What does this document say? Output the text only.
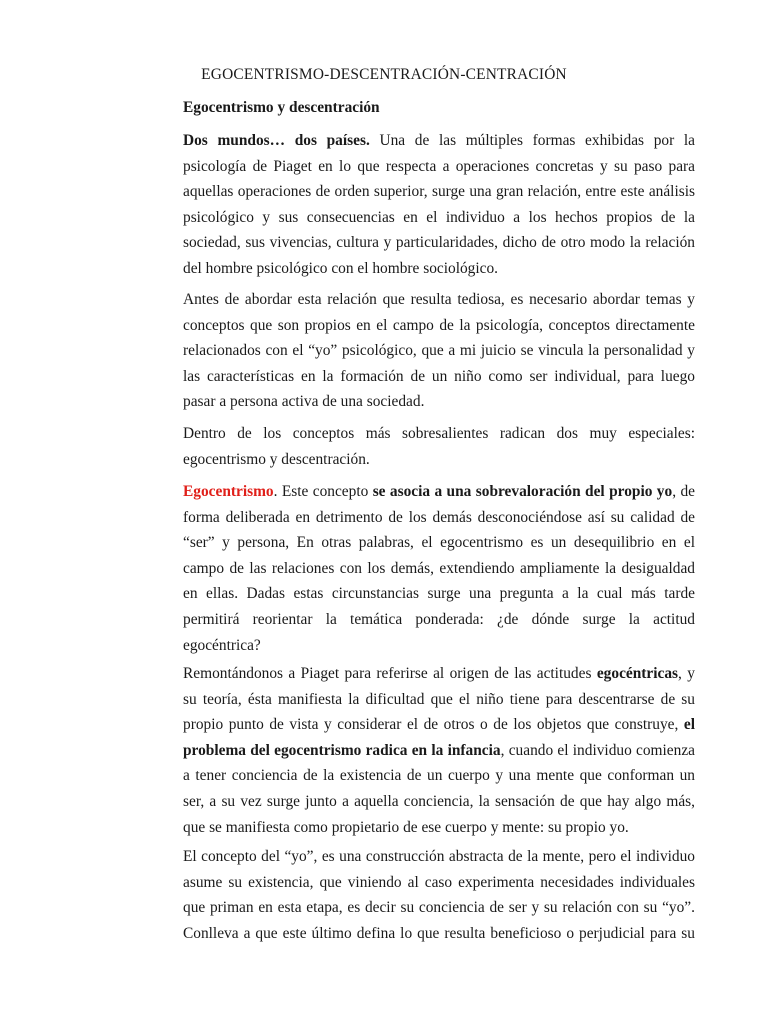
EGOCENTRISMO-DESCENTRACIÓN-CENTRACIÓN
Egocentrismo y descentración
Dos mundos… dos países. Una de las múltiples formas exhibidas por la
psicología de Piaget en lo que respecta a operaciones concretas y su paso para
aquellas operaciones de orden superior, surge una gran relación, entre este análisis
psicológico y sus consecuencias en el individuo a los hechos propios de la
sociedad, sus vivencias, cultura y particularidades, dicho de otro modo la relación
del hombre psicológico con el hombre sociológico.
Antes de abordar esta relación que resulta tediosa, es necesario abordar temas y
conceptos que son propios en el campo de la psicología, conceptos directamente
relacionados con el “yo” psicológico, que a mi juicio se vincula la personalidad y
las características en la formación de un niño como ser individual, para luego
pasar a persona activa de una sociedad.
Dentro de los conceptos más sobresalientes radican dos muy especiales:
egocentrismo y descentración.
Egocentrismo. Este concepto se asocia a una sobrevaloración del propio yo, de
forma deliberada en detrimento de los demás desconociéndose así su calidad de
“ser” y persona, En otras palabras, el egocentrismo es un desequilibrio en el
campo de las relaciones con los demás, extendiendo ampliamente la desigualdad
en ellas. Dadas estas circunstancias surge una pregunta a la cual más tarde
permitirá reorientar la temática ponderada: ¿de dónde surge la actitud
egocéntrica?
Remontándonos a Piaget para referirse al origen de las actitudes egocéntricas, y
su teoría, ésta manifiesta la dificultad que el niño tiene para descentrarse de su
propio punto de vista y considerar el de otros o de los objetos que construye, el
problema del egocentrismo radica en la infancia, cuando el individuo comienza
a tener conciencia de la existencia de un cuerpo y una mente que conforman un
ser, a su vez surge junto a aquella conciencia, la sensación de que hay algo más,
que se manifiesta como propietario de ese cuerpo y mente: su propio yo.
El concepto del “yo”, es una construcción abstracta de la mente, pero el individuo
asume su existencia, que viniendo al caso experimenta necesidades individuales
que priman en esta etapa, es decir su conciencia de ser y su relación con su “yo”.
Conlleva a que este último defina lo que resulta beneficioso o perjudicial para su
